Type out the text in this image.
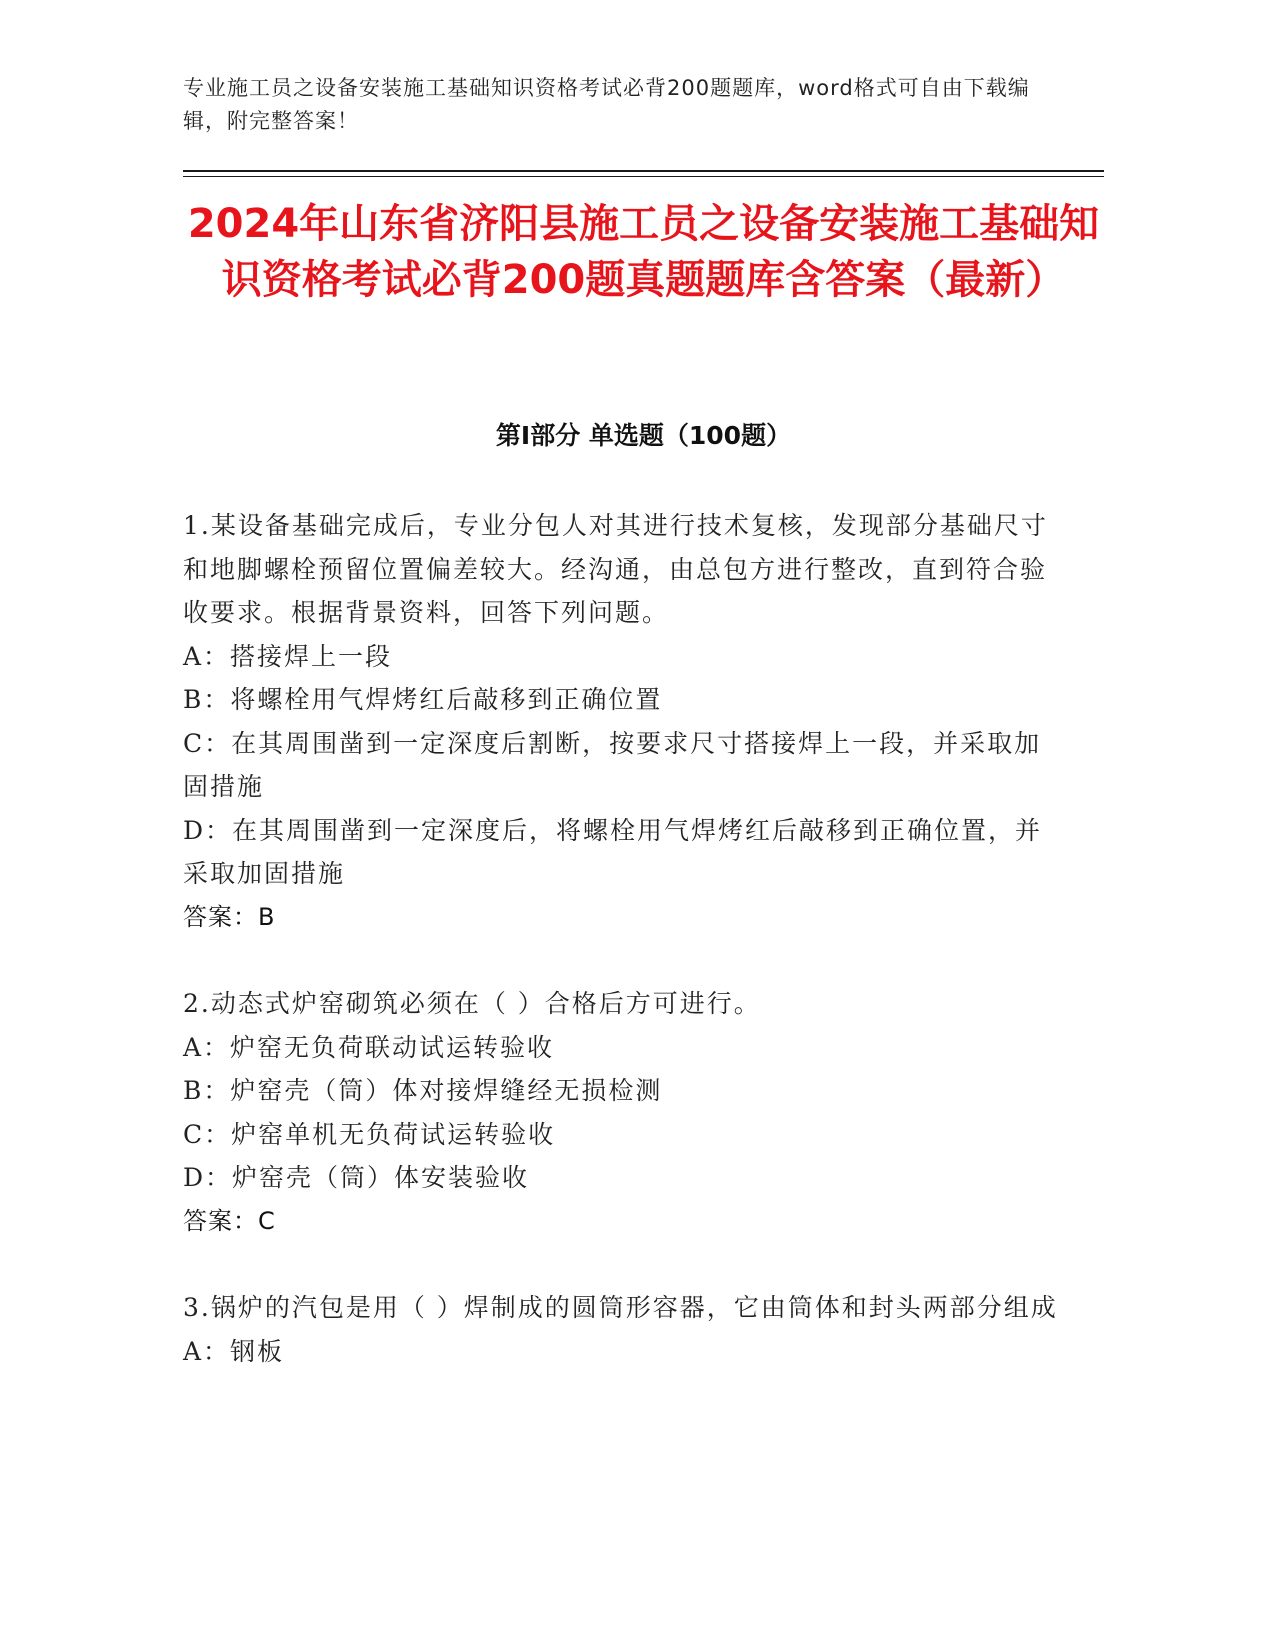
专业施工员之设备安装施工基础知识资格考试必背200题题库，word格式可自由下载编辑，附完整答案！
2024年山东省济阳县施工员之设备安装施工基础知识资格考试必背200题真题题库含答案（最新）
第Ⅰ部分 单选题（100题）

1.某设备基础完成后，专业分包人对其进行技术复核，发现部分基础尺寸和地脚螺栓预留位置偏差较大。经沟通，由总包方进行整改，直到符合验收要求。根据背景资料，回答下列问题。

A：搭接焊上一段

B：将螺栓用气焊烤红后敲移到正确位置

C：在其周围凿到一定深度后割断，按要求尺寸搭接焊上一段，并采取加固措施

D：在其周围凿到一定深度后，将螺栓用气焊烤红后敲移到正确位置，并采取加固措施

答案：B

2.动态式炉窑砌筑必须在（ ）合格后方可进行。

A：炉窑无负荷联动试运转验收

B：炉窑壳（筒）体对接焊缝经无损检测

C：炉窑单机无负荷试运转验收

D：炉窑壳（筒）体安装验收

答案：C

3.锅炉的汽包是用（ ）焊制成的圆筒形容器，它由筒体和封头两部分组成

A：钢板
